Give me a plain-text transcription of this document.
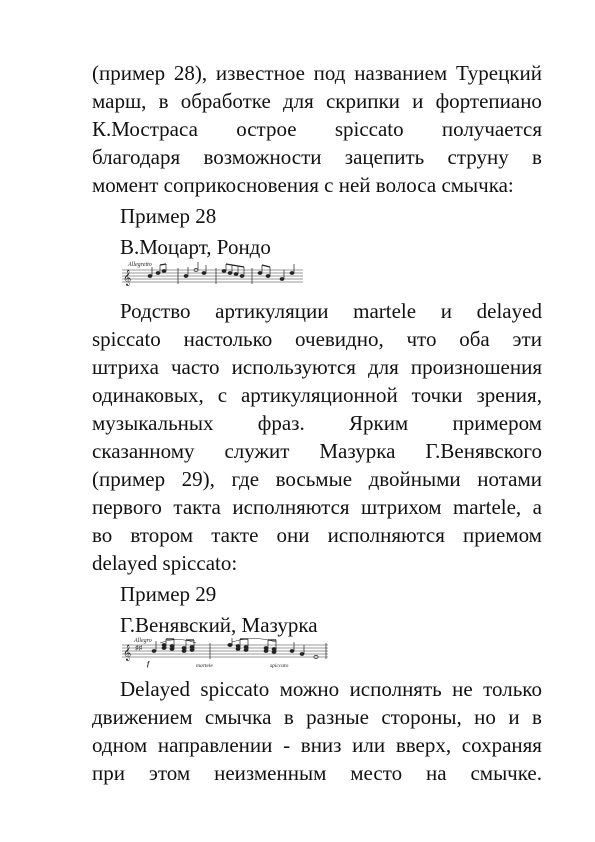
(пример 28), известное под названием Турецкий
марш, в обработке для скрипки и фортепиано
К.Мостраса острое spiccato получается
благодаря возможности зацепить струну в
момент соприкосновения с ней волоса смычка:
Пример 28
В.Моцарт, Рондо
Allegretto
𝄞
Родство артикуляции martele и delayed
spiccato настолько очевидно, что оба эти
штриха часто используются для произношения
одинаковых, с артикуляционной точки зрения,
музыкальных фраз. Ярким примером
сказанному служит Мазурка Г.Венявского
(пример 29), где восьмые двойными нотами
первого такта исполняются штрихом martele, а
во втором такте они исполняются приемом
delayed spiccato:
Пример 29
Г.Венявский, Мазурка
Allegro
𝄞 ♯♯
f	martele	spiccato
Delayed spiccato можно исполнять не только
движением смычка в разные стороны, но и в
одном направлении - вниз или вверх, сохраняя
при этом неизменным место на смычке.
